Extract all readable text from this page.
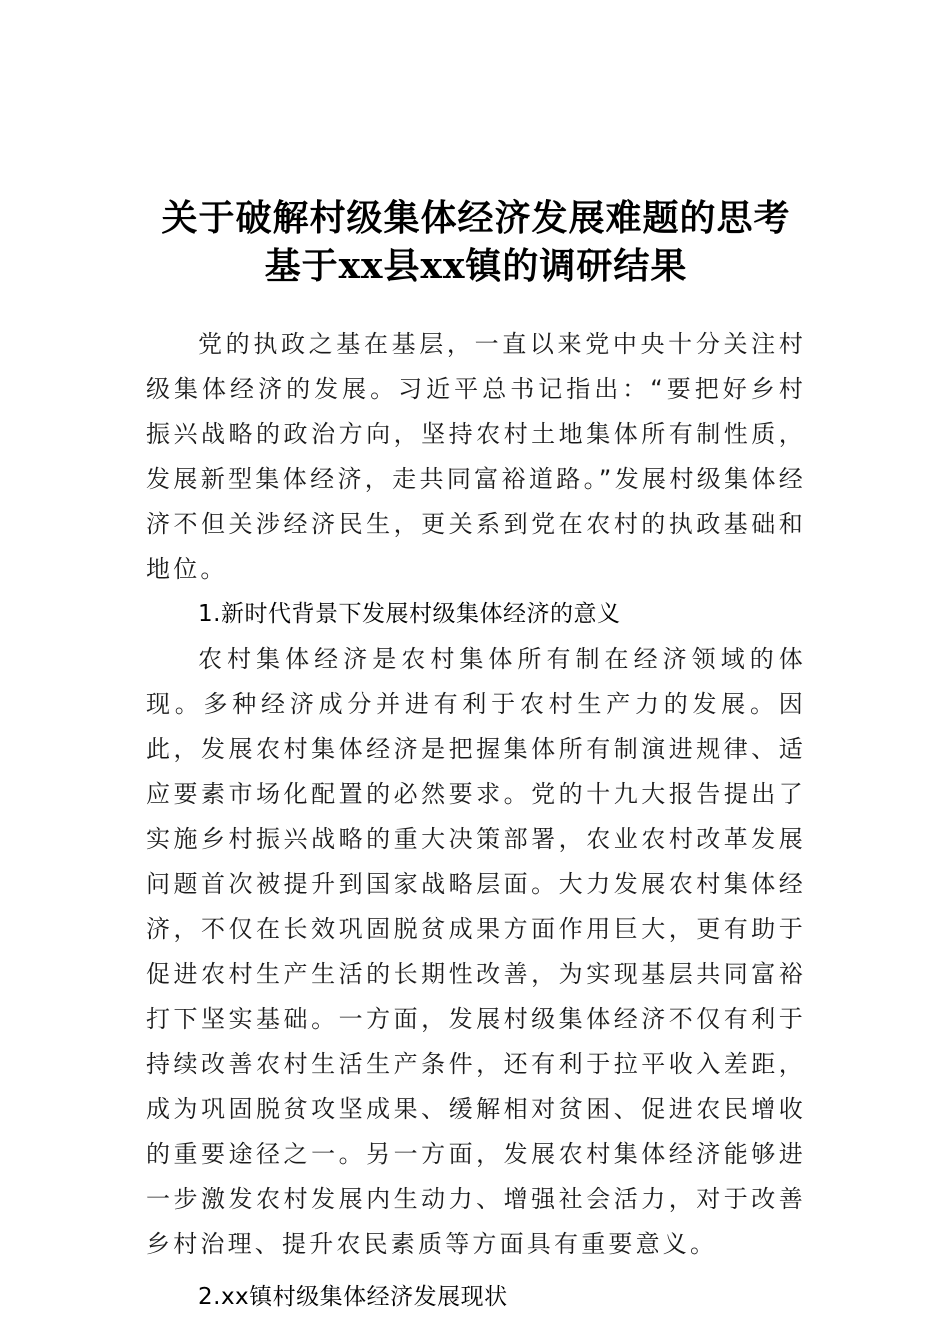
关于破解村级集体经济发展难题的思考基于xx县xx镇的调研结果

党的执政之基在基层，一直以来党中央十分关注村级集体经济的发展。习近平总书记指出：“要把好乡村振兴战略的政治方向，坚持农村土地集体所有制性质，发展新型集体经济，走共同富裕道路。”发展村级集体经济不但关涉经济民生，更关系到党在农村的执政基础和地位。

1.新时代背景下发展村级集体经济的意义

农村集体经济是农村集体所有制在经济领域的体现。多种经济成分并进有利于农村生产力的发展。因此，发展农村集体经济是把握集体所有制演进规律、适应要素市场化配置的必然要求。党的十九大报告提出了实施乡村振兴战略的重大决策部署，农业农村改革发展问题首次被提升到国家战略层面。大力发展农村集体经济，不仅在长效巩固脱贫成果方面作用巨大，更有助于促进农村生产生活的长期性改善，为实现基层共同富裕打下坚实基础。一方面，发展村级集体经济不仅有利于持续改善农村生活生产条件，还有利于拉平收入差距，成为巩固脱贫攻坚成果、缓解相对贫困、促进农民增收的重要途径之一。另一方面，发展农村集体经济能够进一步激发农村发展内生动力、增强社会活力，对于改善乡村治理、提升农民素质等方面具有重要意义。

2.xx镇村级集体经济发展现状
